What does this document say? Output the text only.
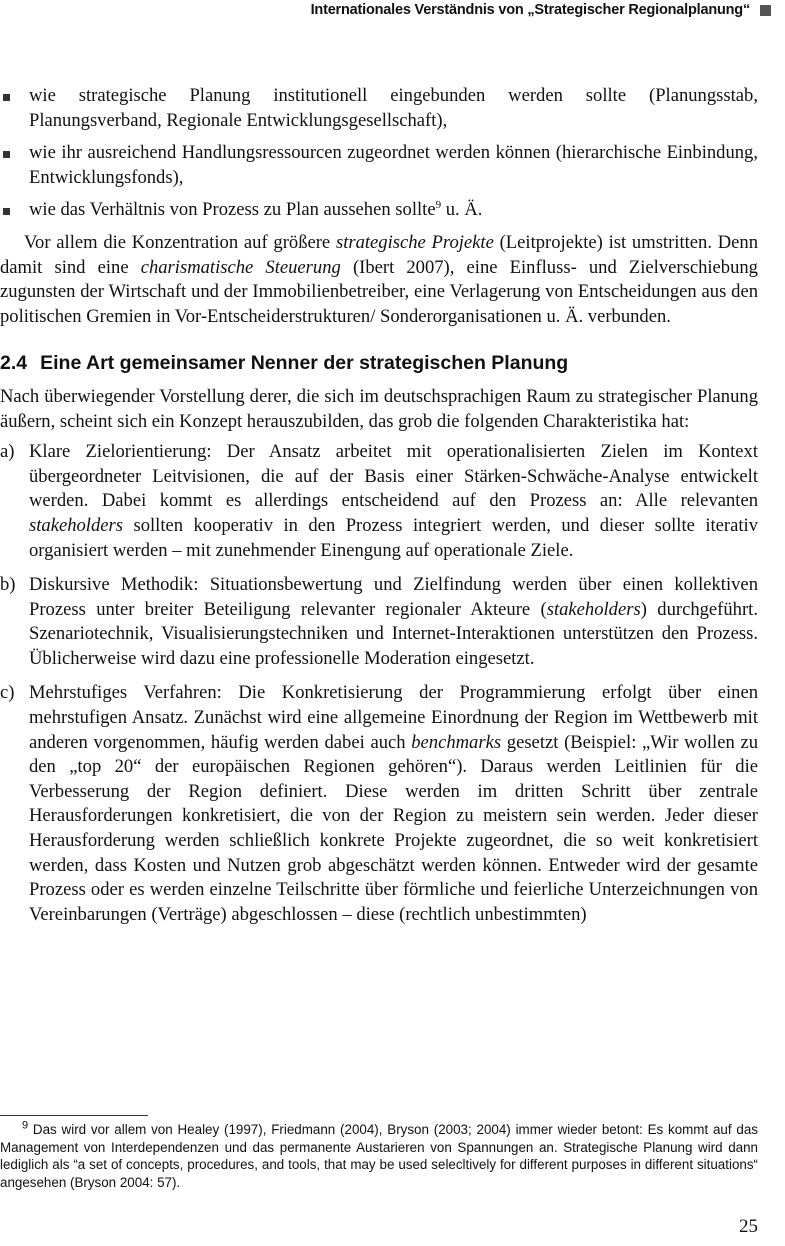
Internationales Verständnis von „Strategischer Regionalplanung“
wie strategische Planung institutionell eingebunden werden sollte (Planungsstab, Planungsverband, Regionale Entwicklungsgesellschaft),
wie ihr ausreichend Handlungsressourcen zugeordnet werden können (hierarchische Einbindung, Entwicklungsfonds),
wie das Verhältnis von Prozess zu Plan aussehen sollte$^9$ u. Ä.

Vor allem die Konzentration auf größere strategische Projekte (Leitprojekte) ist umstritten. Denn damit sind eine charismatische Steuerung (Ibert 2007), eine Einfluss- und Zielverschiebung zugunsten der Wirtschaft und der Immobilienbetreiber, eine Verlagerung von Entscheidungen aus den politischen Gremien in Vor-Entscheiderstrukturen/ Sonderorganisationen u. Ä. verbunden.

2.4 Eine Art gemeinsamer Nenner der strategischen Planung

Nach überwiegender Vorstellung derer, die sich im deutschsprachigen Raum zu strategischer Planung äußern, scheint sich ein Konzept herauszubilden, das grob die folgenden Charakteristika hat:

a) Klare Zielorientierung: Der Ansatz arbeitet mit operationalisierten Zielen im Kontext übergeordneter Leitvisionen, die auf der Basis einer Stärken-Schwäche-Analyse entwickelt werden. Dabei kommt es allerdings entscheidend auf den Prozess an: Alle relevanten stakeholders sollten kooperativ in den Prozess integriert werden, und dieser sollte iterativ organisiert werden – mit zunehmender Einengung auf operationale Ziele.
b) Diskursive Methodik: Situationsbewertung und Zielfindung werden über einen kollektiven Prozess unter breiter Beteiligung relevanter regionaler Akteure (stakeholders) durchgeführt. Szenariotechnik, Visualisierungstechniken und Internet-Interaktionen unterstützen den Prozess. Üblicherweise wird dazu eine professionelle Moderation eingesetzt.
c) Mehrstufiges Verfahren: Die Konkretisierung der Programmierung erfolgt über einen mehrstufigen Ansatz. Zunächst wird eine allgemeine Einordnung der Region im Wettbewerb mit anderen vorgenommen, häufig werden dabei auch benchmarks gesetzt (Beispiel: „Wir wollen zu den „top 20“ der europäischen Regionen gehören“). Daraus werden Leitlinien für die Verbesserung der Region definiert. Diese werden im dritten Schritt über zentrale Herausforderungen konkretisiert, die von der Region zu meistern sein werden. Jeder dieser Herausforderung werden schließlich konkrete Projekte zugeordnet, die so weit konkretisiert werden, dass Kosten und Nutzen grob abgeschätzt werden können. Entweder wird der gesamte Prozess oder es werden einzelne Teilschritte über förmliche und feierliche Unterzeichnungen von Vereinbarungen (Verträge) abgeschlossen – diese (rechtlich unbestimmten)
$^9$ Das wird vor allem von Healey (1997), Friedmann (2004), Bryson (2003; 2004) immer wieder betont: Es kommt auf das Management von Interdependenzen und das permanente Austarieren von Spannungen an. Strategische Planung wird dann lediglich als “a set of concepts, procedures, and tools, that may be used selecltively for different purposes in different situations“ angesehen (Bryson 2004: 57).
25
